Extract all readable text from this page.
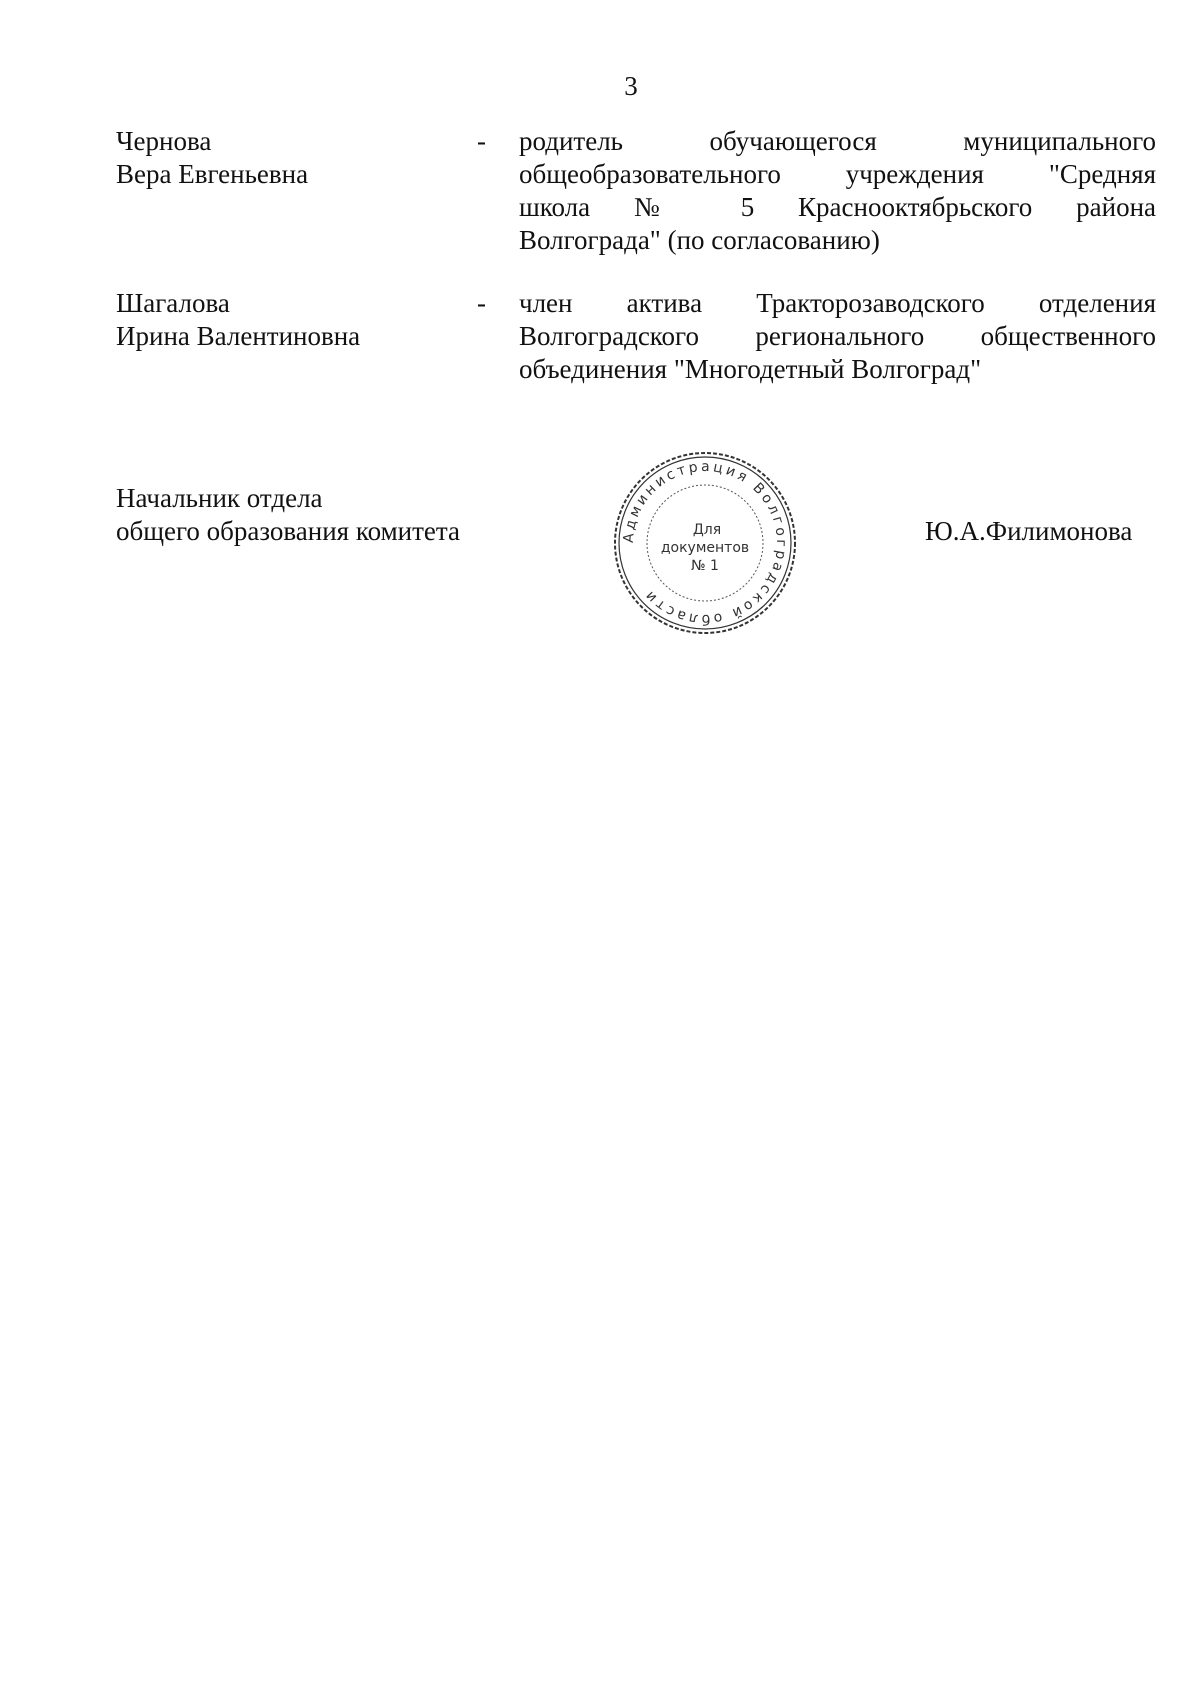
3
Чернова
Вера Евгеньевна
- родитель обучающегося муниципального
общеобразовательного учреждения "Средняя
школа № 5 Краснооктябрьского района
Волгограда" (по согласованию)
Шагалова
Ирина Валентиновна
- член актива Тракторозаводского отделения
Волгоградского регионального общественного
объединения "Многодетный Волгоград"
Начальник отдела
общего образования комитета	Администрация Волгоградской области
Для
документов
№ 1
Ю.А.Филимонова
